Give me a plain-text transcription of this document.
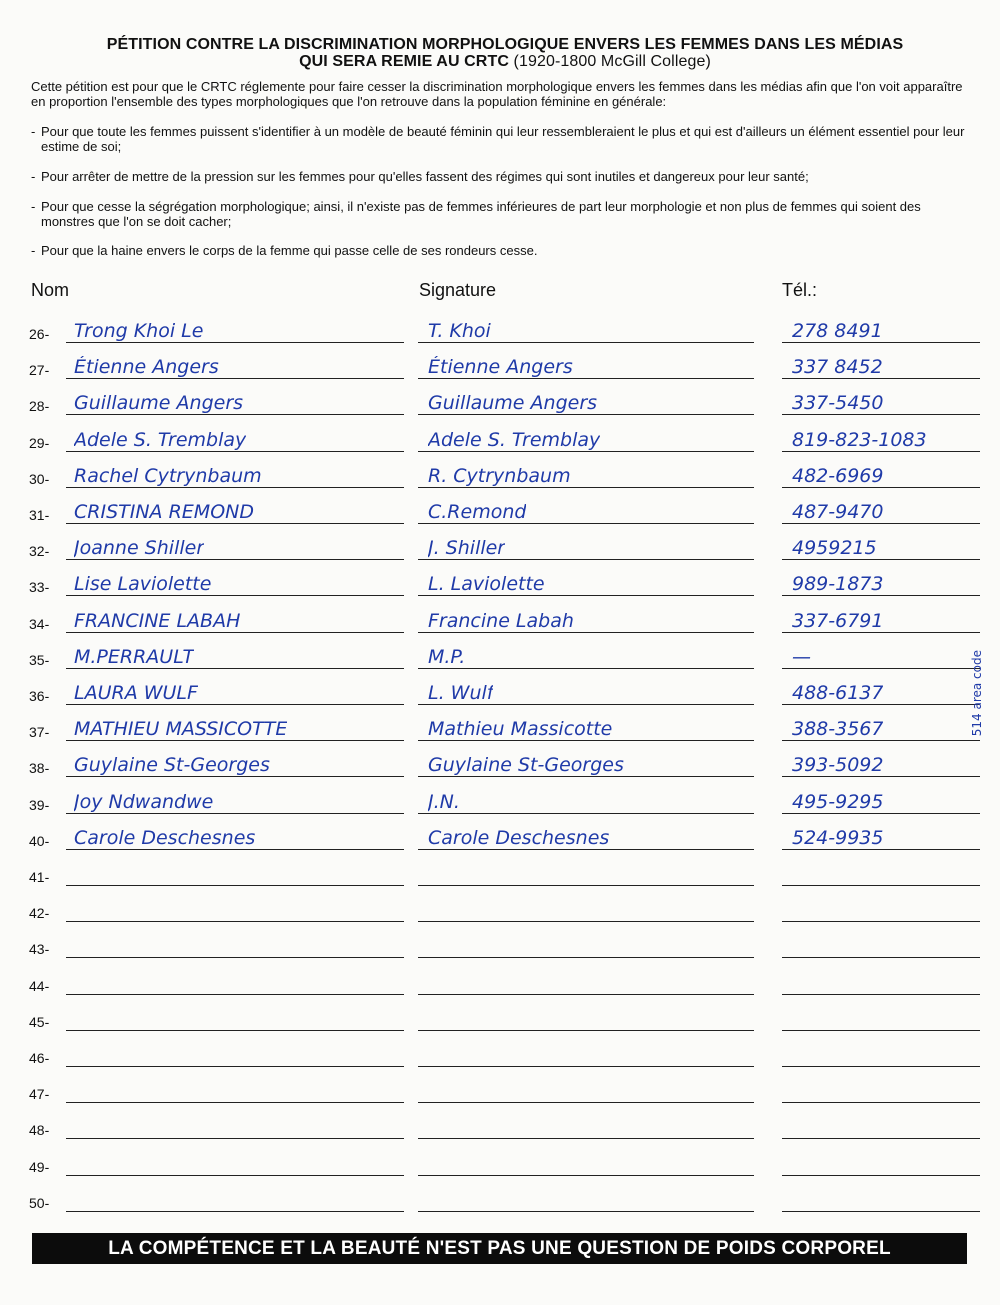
PÉTITION CONTRE LA DISCRIMINATION MORPHOLOGIQUE ENVERS LES FEMMES DANS LES MÉDIAS
QUI SERA REMIE AU CRTC (1920-1800 McGill College)
Cette pétition est pour que le CRTC réglemente pour faire cesser la discrimination morphologique envers les femmes dans les médias afin que l'on voit apparaître en proportion l'ensemble des types morphologiques que l'on retrouve dans la population féminine en générale:
- Pour que toute les femmes puissent s'identifier à un modèle de beauté féminin qui leur ressembleraient le plus et qui est d'ailleurs un élément essentiel pour leur estime de soi;
- Pour arrêter de mettre de la pression sur les femmes pour qu'elles fassent des régimes qui sont inutiles et dangereux pour leur santé;
- Pour que cesse la ségrégation morphologique; ainsi, il n'existe pas de femmes inférieures de part leur morphologie et non plus de femmes qui soient des monstres que l'on se doit cacher;
- Pour que la haine envers le corps de la femme qui passe celle de ses rondeurs cesse.
Nom	Signature	Tél.:
26- Trong Khoi Le	T. Khoi	278 8491
27- Étienne Angers	Étienne Angers	337 8452
28- Guillaume Angers	Guillaume Angers	337-5450
29- Adele S. Tremblay	Adele S. Tremblay	819-823-1083
30- Rachel Cytrynbaum	R. Cytrynbaum	482-6969
31- CRISTINA REMOND	C.Remond	487-9470
32- Joanne Shiller	J. Shiller	4959215
33- Lise Laviolette	L. Laviolette	989-1873
34- FRANCINE LABAH	Francine Labah	337-6791
35- M.PERRAULT	M.P.	—
36- LAURA WULF	L. Wulf	488-6137
37- MATHIEU MASSICOTTE	Mathieu Massicotte	388-3567
38- Guylaine St-Georges	Guylaine St-Georges	393-5092
39- Joy Ndwandwe	J.N.	495-9295
40- Carole Deschesnes	Carole Deschesnes	524-9935
41-
42-
43-
44-
45-
46-
47-
48-
49-
50-
514 area code
LA COMPÉTENCE ET LA BEAUTÉ N'EST PAS UNE QUESTION DE POIDS CORPOREL
